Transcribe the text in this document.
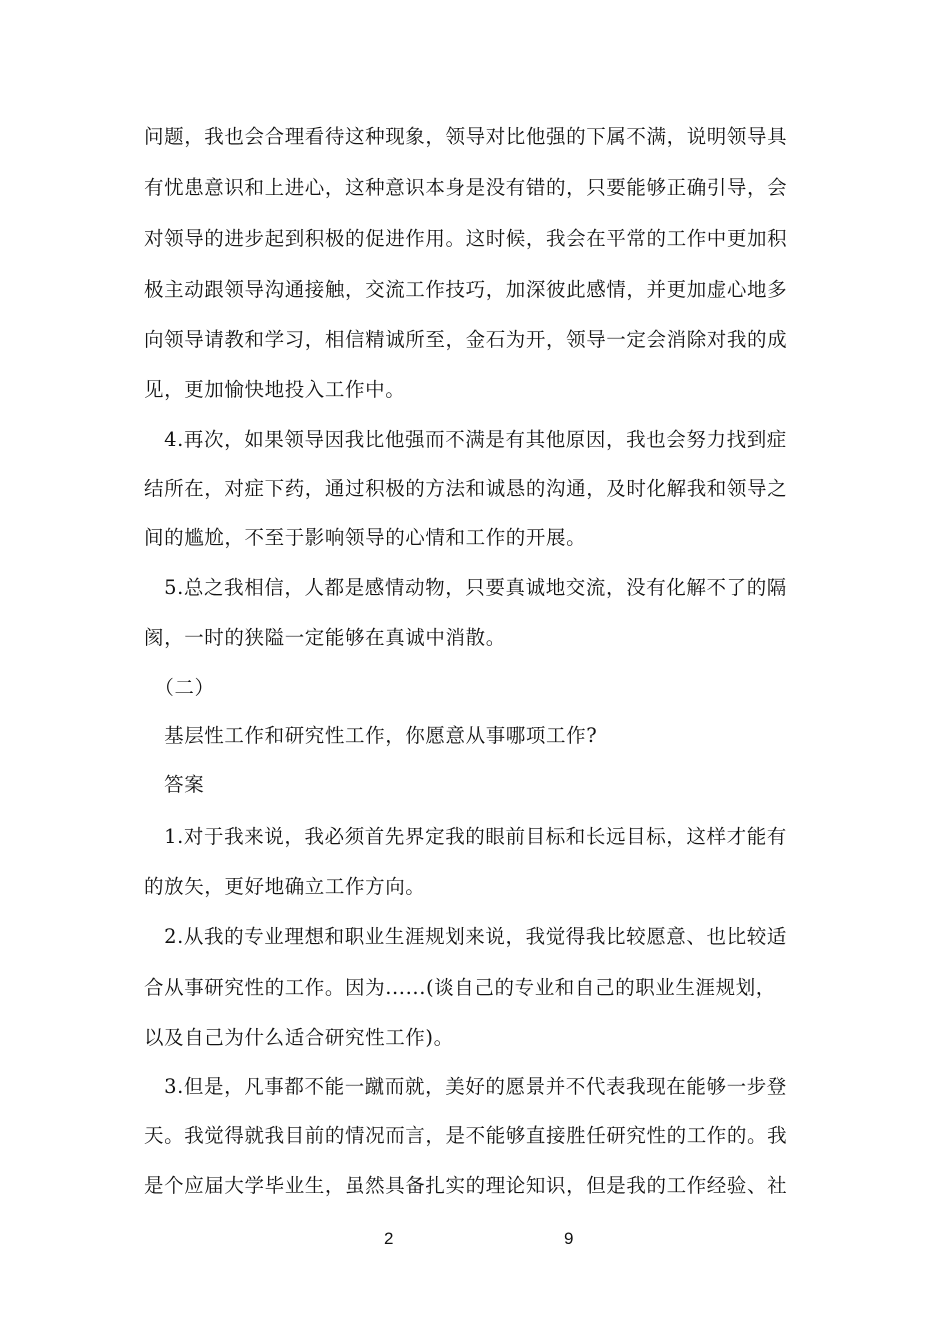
问题，我也会合理看待这种现象，领导对比他强的下属不满，说明领导具
有忧患意识和上进心，这种意识本身是没有错的，只要能够正确引导，会
对领导的进步起到积极的促进作用。这时候，我会在平常的工作中更加积
极主动跟领导沟通接触，交流工作技巧，加深彼此感情，并更加虚心地多
向领导请教和学习，相信精诚所至，金石为开，领导一定会消除对我的成
见，更加愉快地投入工作中。
　4.再次，如果领导因我比他强而不满是有其他原因，我也会努力找到症
结所在，对症下药，通过积极的方法和诚恳的沟通，及时化解我和领导之
间的尴尬，不至于影响领导的心情和工作的开展。
　5.总之我相信，人都是感情动物，只要真诚地交流，没有化解不了的隔
阂，一时的狭隘一定能够在真诚中消散。
　（二）
　基层性工作和研究性工作，你愿意从事哪项工作?
　答案
　1.对于我来说，我必须首先界定我的眼前目标和长远目标，这样才能有
的放矢，更好地确立工作方向。
　2.从我的专业理想和职业生涯规划来说，我觉得我比较愿意、也比较适
合从事研究性的工作。因为......(谈自己的专业和自己的职业生涯规划，
以及自己为什么适合研究性工作)。
　3.但是，凡事都不能一蹴而就，美好的愿景并不代表我现在能够一步登
天。我觉得就我目前的情况而言，是不能够直接胜任研究性的工作的。我
是个应届大学毕业生，虽然具备扎实的理论知识，但是我的工作经验、社
2	9
